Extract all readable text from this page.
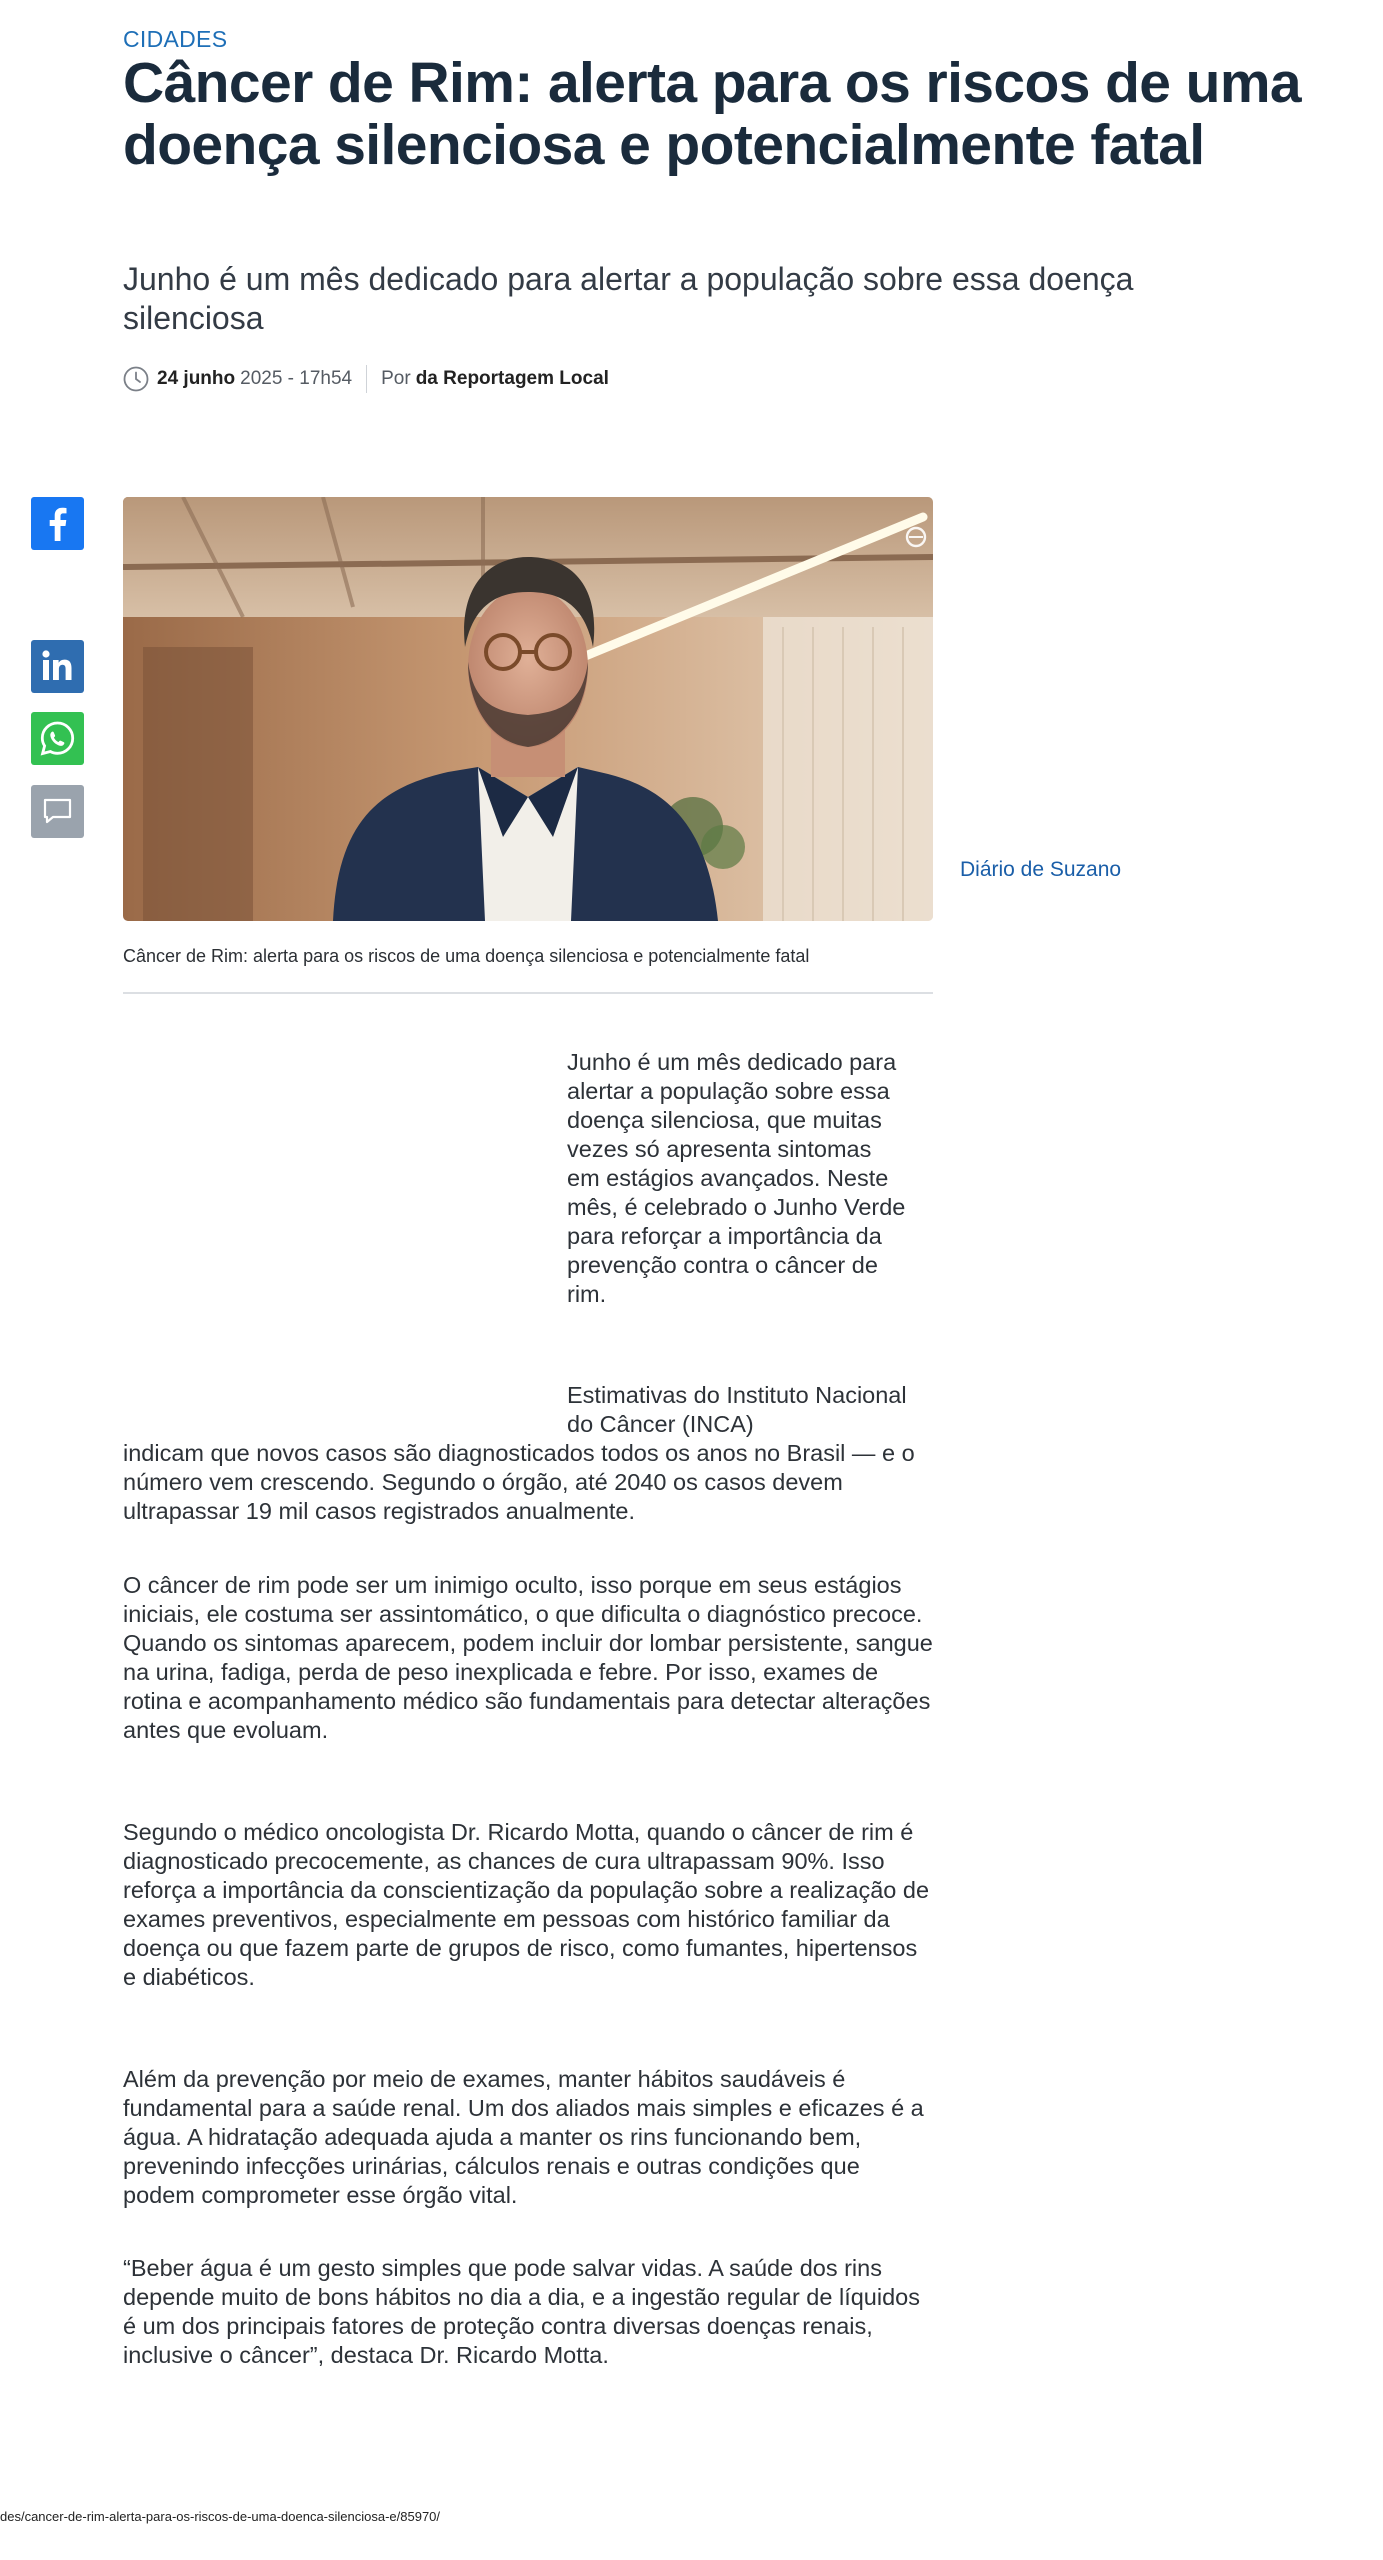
CIDADES
Câncer de Rim: alerta para os riscos de uma doença silenciosa e potencialmente fatal
Junho é um mês dedicado para alertar a população sobre essa doença silenciosa
24 junho 2025 - 17h54 Por da Reportagem Local
Diário de Suzano
Câncer de Rim: alerta para os riscos de uma doença silenciosa e potencialmente fatal

Junho é um mês dedicado para alertar a população sobre essa doença silenciosa, que muitas vezes só apresenta sintomas em estágios avançados. Neste mês, é celebrado o Junho Verde para reforçar a importância da prevenção contra o câncer de rim.

Estimativas do Instituto Nacional do Câncer (INCA)

indicam que novos casos são diagnosticados todos os anos no Brasil — e o número vem crescendo. Segundo o órgão, até 2040 os casos devem ultrapassar 19 mil casos registrados anualmente.

O câncer de rim pode ser um inimigo oculto, isso porque em seus estágios iniciais, ele costuma ser assintomático, o que dificulta o diagnóstico precoce. Quando os sintomas aparecem, podem incluir dor lombar persistente, sangue na urina, fadiga, perda de peso inexplicada e febre. Por isso, exames de rotina e acompanhamento médico são fundamentais para detectar alterações antes que evoluam.

Segundo o médico oncologista Dr. Ricardo Motta, quando o câncer de rim é diagnosticado precocemente, as chances de cura ultrapassam 90%. Isso reforça a importância da conscientização da população sobre a realização de exames preventivos, especialmente em pessoas com histórico familiar da doença ou que fazem parte de grupos de risco, como fumantes, hipertensos e diabéticos.

Além da prevenção por meio de exames, manter hábitos saudáveis é fundamental para a saúde renal. Um dos aliados mais simples e eficazes é a água. A hidratação adequada ajuda a manter os rins funcionando bem, prevenindo infecções urinárias, cálculos renais e outras condições que podem comprometer esse órgão vital.

“Beber água é um gesto simples que pode salvar vidas. A saúde dos rins depende muito de bons hábitos no dia a dia, e a ingestão regular de líquidos é um dos principais fatores de proteção contra diversas doenças renais, inclusive o câncer”, destaca Dr. Ricardo Motta.

des/cancer-de-rim-alerta-para-os-riscos-de-uma-doenca-silenciosa-e/85970/
